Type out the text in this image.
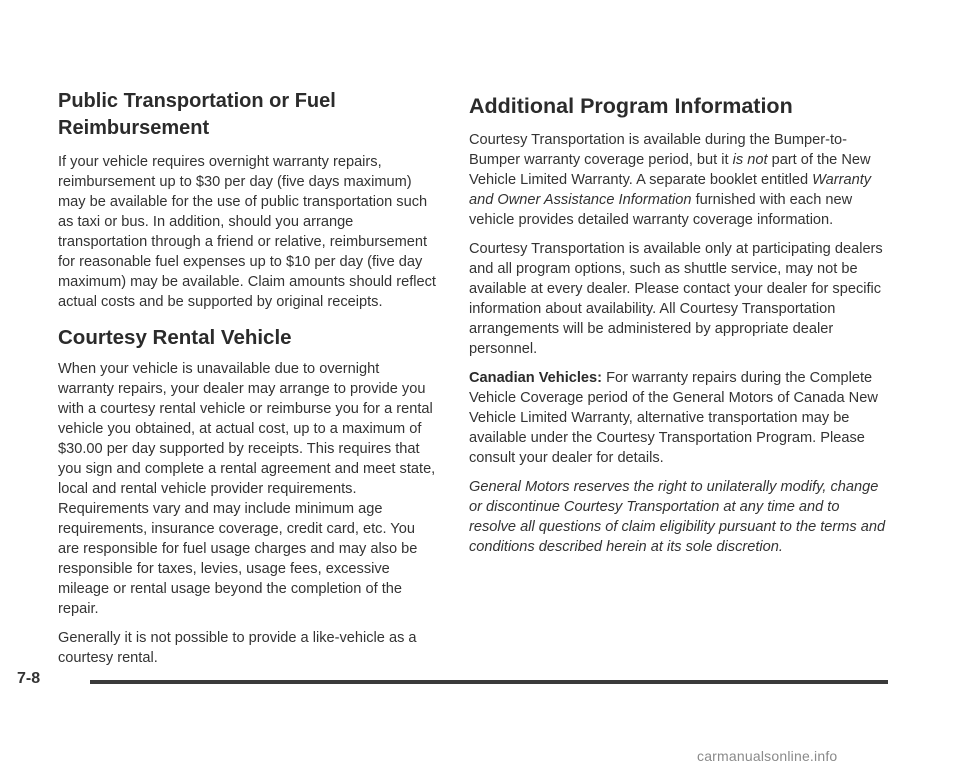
Public Transportation or Fuel Reimbursement

If your vehicle requires overnight warranty repairs, reimbursement up to $30 per day (five days maximum) may be available for the use of public transportation such as taxi or bus. In addition, should you arrange transportation through a friend or relative, reimbursement for reasonable fuel expenses up to $10 per day (five day maximum) may be available. Claim amounts should reflect actual costs and be supported by original receipts.

Courtesy Rental Vehicle

When your vehicle is unavailable due to overnight warranty repairs, your dealer may arrange to provide you with a courtesy rental vehicle or reimburse you for a rental vehicle you obtained, at actual cost, up to a maximum of $30.00 per day supported by receipts. This requires that you sign and complete a rental agreement and meet state, local and rental vehicle provider requirements. Requirements vary and may include minimum age requirements, insurance coverage, credit card, etc. You are responsible for fuel usage charges and may also be responsible for taxes, levies, usage fees, excessive mileage or rental usage beyond the completion of the repair.

Generally it is not possible to provide a like-vehicle as a courtesy rental.

Additional Program Information

Courtesy Transportation is available during the Bumper-to-Bumper warranty coverage period, but it is not part of the New Vehicle Limited Warranty. A separate booklet entitled Warranty and Owner Assistance Information furnished with each new vehicle provides detailed warranty coverage information.

Courtesy Transportation is available only at participating dealers and all program options, such as shuttle service, may not be available at every dealer. Please contact your dealer for specific information about availability. All Courtesy Transportation arrangements will be administered by appropriate dealer personnel.

Canadian Vehicles: For warranty repairs during the Complete Vehicle Coverage period of the General Motors of Canada New Vehicle Limited Warranty, alternative transportation may be available under the Courtesy Transportation Program. Please consult your dealer for details.

General Motors reserves the right to unilaterally modify, change or discontinue Courtesy Transportation at any time and to resolve all questions of claim eligibility pursuant to the terms and conditions described herein at its sole discretion.

7-8
carmanualsonline.info
